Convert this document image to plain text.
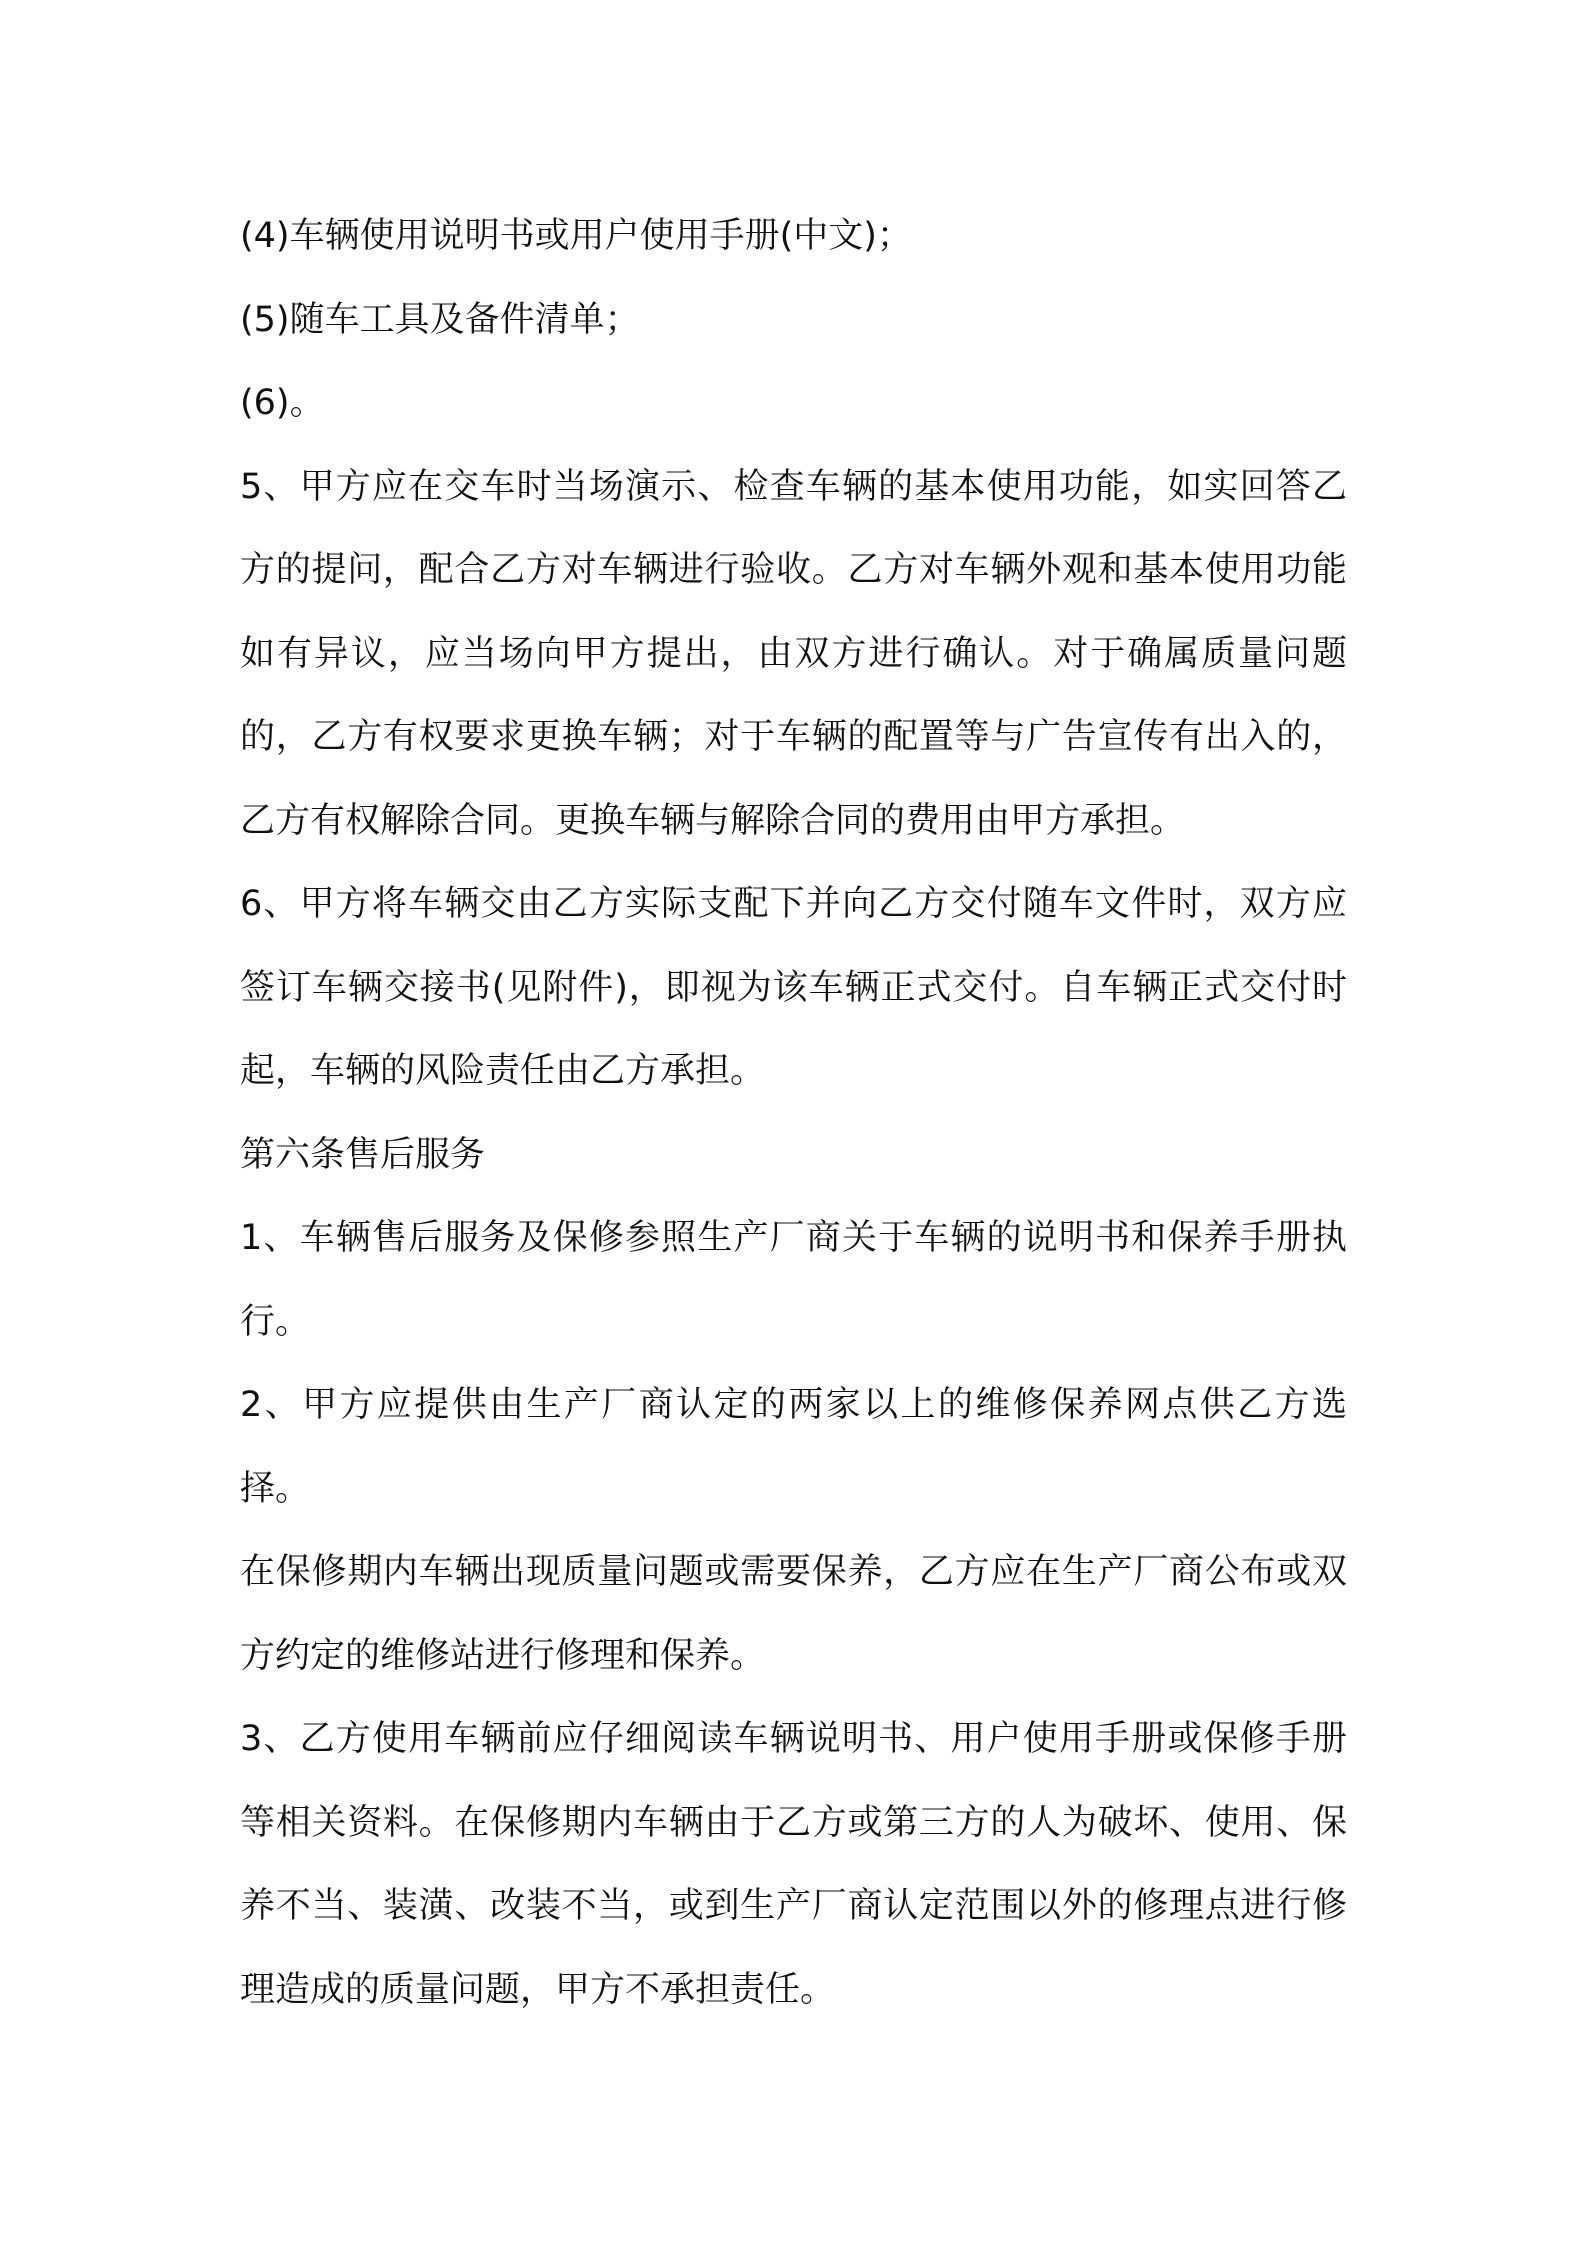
(4)车辆使用说明书或用户使用手册(中文)；

(5)随车工具及备件清单；

(6)。

5、甲方应在交车时当场演示、检查车辆的基本使用功能，如实回答乙方的提问，配合乙方对车辆进行验收。乙方对车辆外观和基本使用功能如有异议，应当场向甲方提出，由双方进行确认。对于确属质量问题的，乙方有权要求更换车辆；对于车辆的配置等与广告宣传有出入的，乙方有权解除合同。更换车辆与解除合同的费用由甲方承担。

6、甲方将车辆交由乙方实际支配下并向乙方交付随车文件时，双方应签订车辆交接书(见附件)，即视为该车辆正式交付。自车辆正式交付时起，车辆的风险责任由乙方承担。

第六条售后服务

1、车辆售后服务及保修参照生产厂商关于车辆的说明书和保养手册执行。

2、甲方应提供由生产厂商认定的两家以上的维修保养网点供乙方选择。

在保修期内车辆出现质量问题或需要保养，乙方应在生产厂商公布或双方约定的维修站进行修理和保养。

3、乙方使用车辆前应仔细阅读车辆说明书、用户使用手册或保修手册等相关资料。在保修期内车辆由于乙方或第三方的人为破坏、使用、保养不当、装潢、改装不当，或到生产厂商认定范围以外的修理点进行修理造成的质量问题，甲方不承担责任。
